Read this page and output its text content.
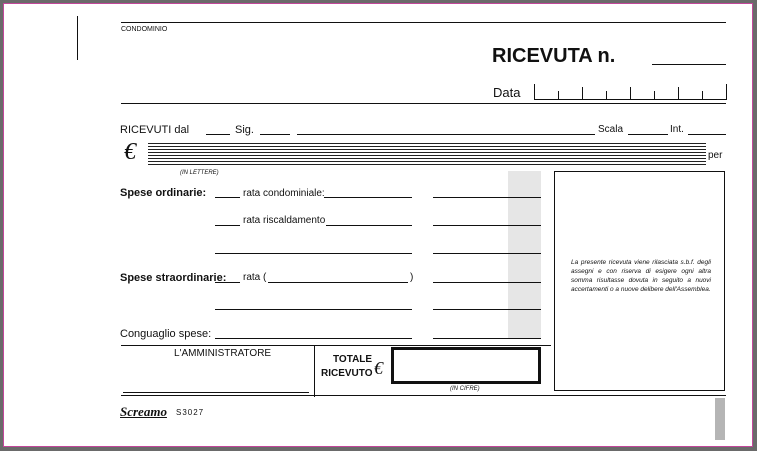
CONDOMINIO
RICEVUTA n.
Data
RICEVUTI dal	Sig.	Scala	Int.
€	per
(IN LETTERE)
Spese ordinarie:	rata condominiale:
rata riscaldamento
Spese straordinarie: rata (	)
Conguaglio spese:
La presente ricevuta viene rilasciata s.b.f. degli assegni e con riserva di esigere ogni altra somma risultasse dovuta in seguito a nuovi accertamenti o a nuove delibere dell'Assemblea.
L'AMMINISTRATORE
TOTALE
RICEVUTO €
(IN CIFRE)
Screamo S3027
